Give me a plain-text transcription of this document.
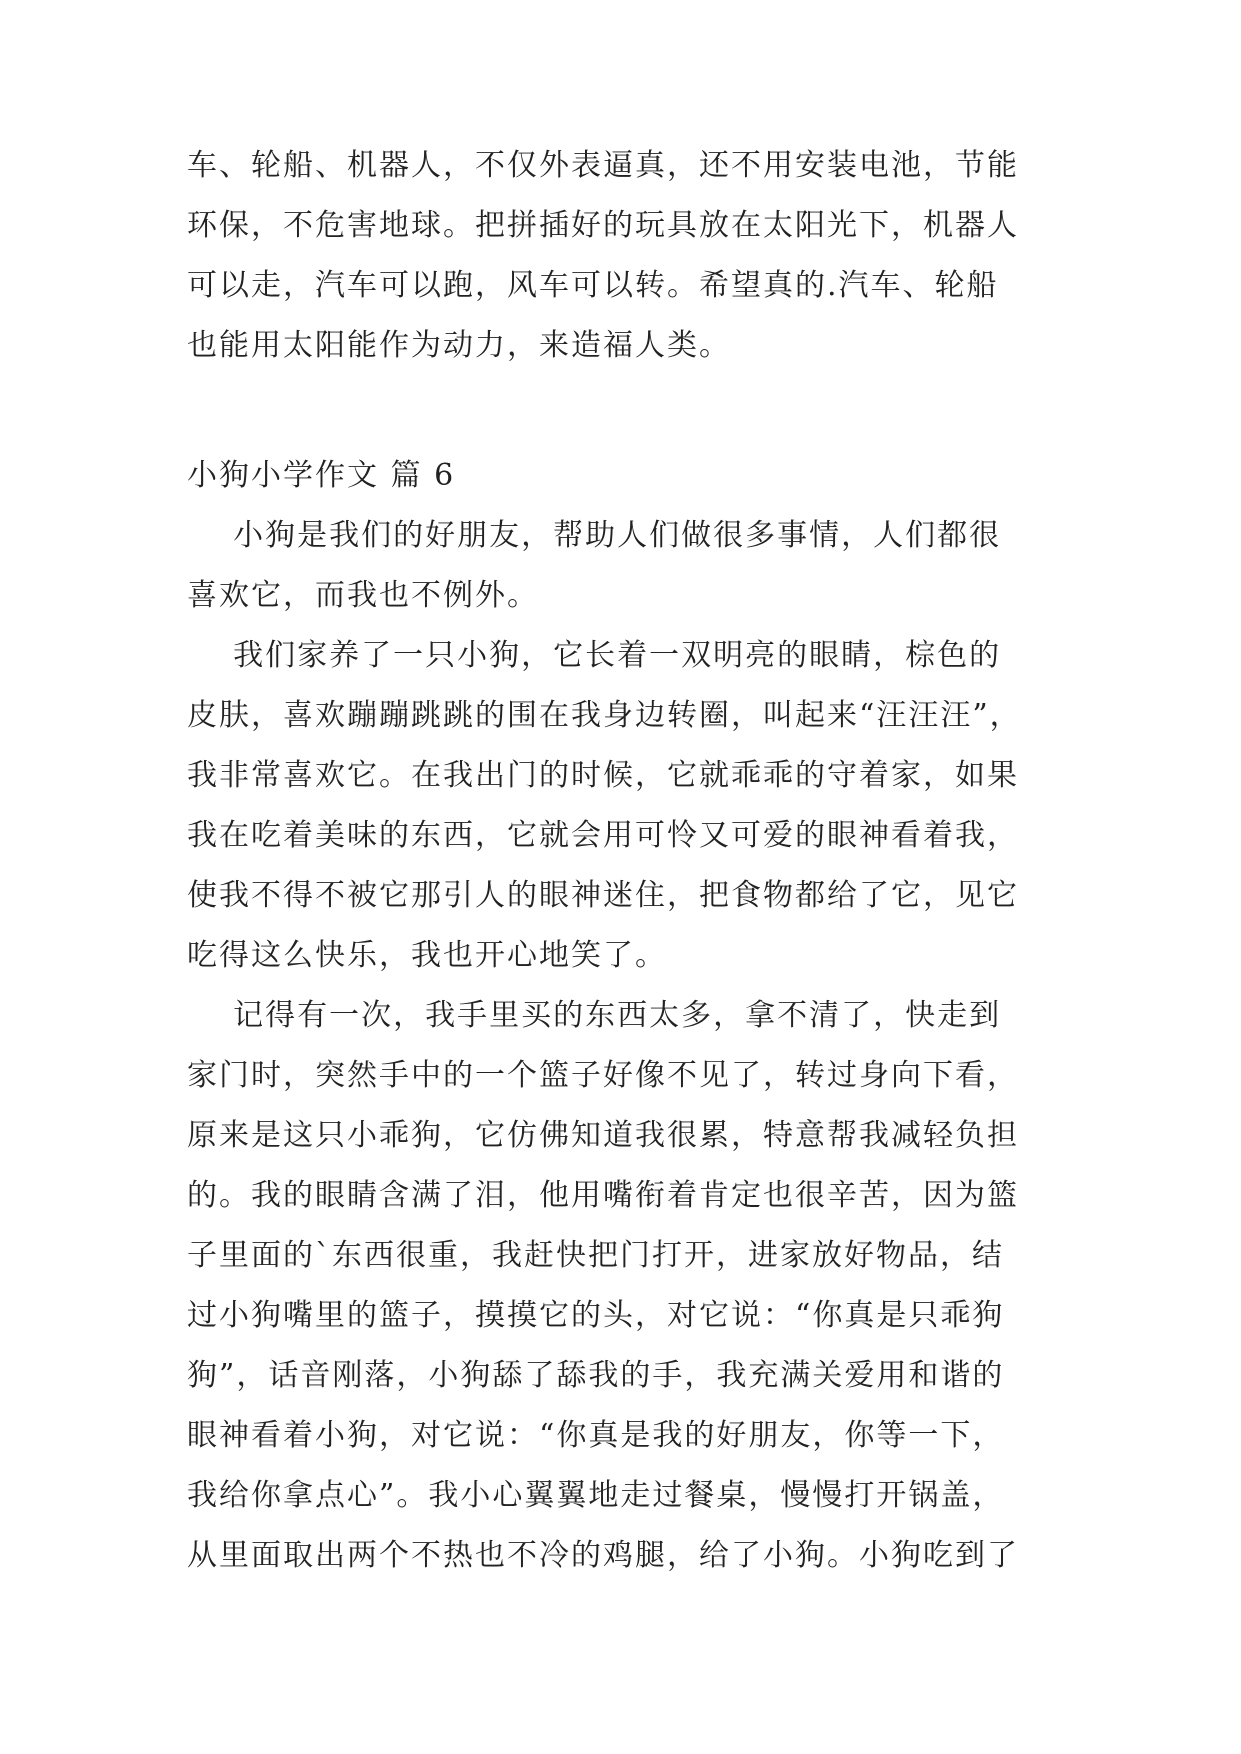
车、轮船、机器人，不仅外表逼真，还不用安装电池，节能
环保，不危害地球。把拼插好的玩具放在太阳光下，机器人
可以走，汽车可以跑，风车可以转。希望真的.汽车、轮船
也能用太阳能作为动力，来造福人类。
小狗小学作文 篇 6
小狗是我们的好朋友，帮助人们做很多事情，人们都很
喜欢它，而我也不例外。
我们家养了一只小狗，它长着一双明亮的眼睛，棕色的
皮肤，喜欢蹦蹦跳跳的围在我身边转圈，叫起来“汪汪汪”，
我非常喜欢它。在我出门的时候，它就乖乖的守着家，如果
我在吃着美味的东西，它就会用可怜又可爱的眼神看着我，
使我不得不被它那引人的眼神迷住，把食物都给了它，见它
吃得这么快乐，我也开心地笑了。
记得有一次，我手里买的东西太多，拿不清了，快走到
家门时，突然手中的一个篮子好像不见了，转过身向下看，
原来是这只小乖狗，它仿佛知道我很累，特意帮我减轻负担
的。我的眼睛含满了泪，他用嘴衔着肯定也很辛苦，因为篮
子里面的`东西很重，我赶快把门打开，进家放好物品，结
过小狗嘴里的篮子，摸摸它的头，对它说：“你真是只乖狗
狗”，话音刚落，小狗舔了舔我的手，我充满关爱用和谐的
眼神看着小狗，对它说：“你真是我的好朋友，你等一下，
我给你拿点心”。我小心翼翼地走过餐桌，慢慢打开锅盖，
从里面取出两个不热也不冷的鸡腿，给了小狗。小狗吃到了
